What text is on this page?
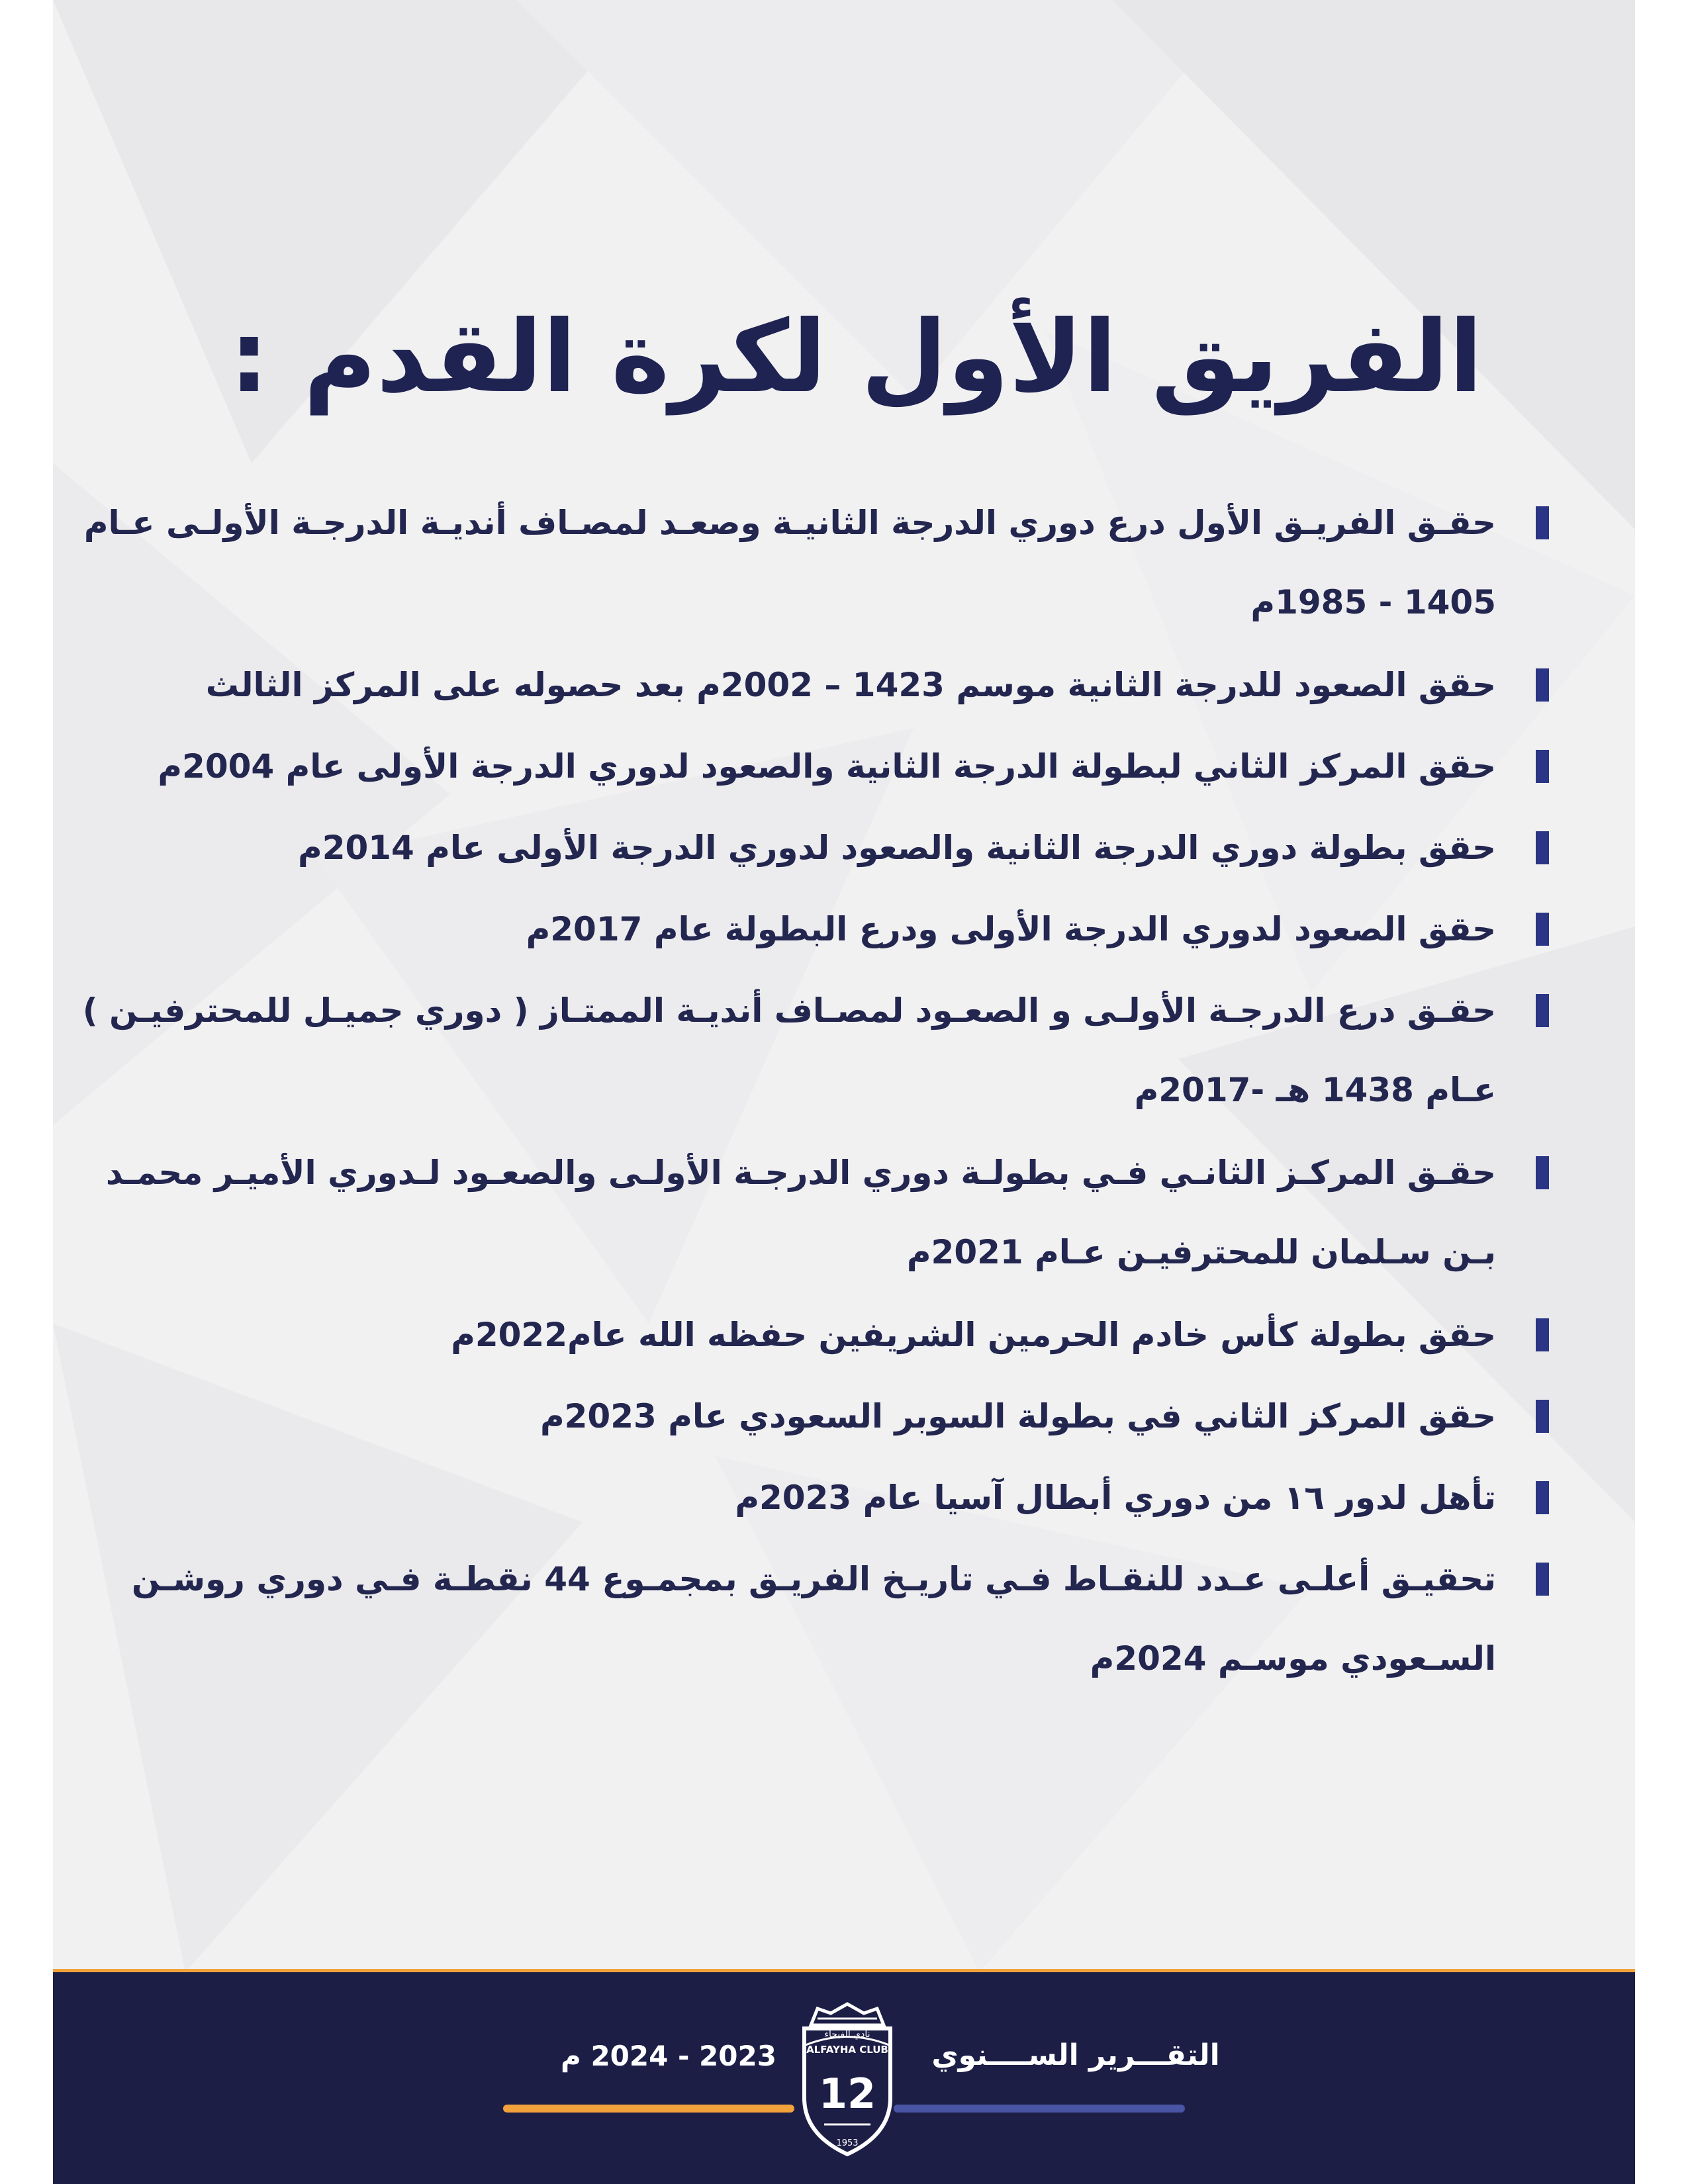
الفريق الأول لكرة القدم :
حقـق الفريـق الأول درع دوري الدرجة الثانيـة وصعـد لمصـاف أنديـة الدرجـة الأولـى عـام
1405 - 1985م
حقق الصعود للدرجة الثانية موسم 1423 – 2002م بعد حصوله على المركز الثالث
حقق المركز الثاني لبطولة الدرجة الثانية والصعود لدوري الدرجة الأولى عام 2004م
حقق بطولة دوري الدرجة الثانية والصعود لدوري الدرجة الأولى عام 2014م
حقق الصعود لدوري الدرجة الأولى ودرع البطولة عام 2017م
حقـق درع الدرجـة الأولـى و الصعـود لمصـاف أنديـة الممتـاز ( دوري جميـل للمحترفيـن )
عـام 1438 هـ -2017م
حقـق المركـز الثانـي فـي بطولـة دوري الدرجـة الأولـى والصعـود لـدوري الأميـر محمـد
بـن سـلمان للمحترفيـن عـام 2021م
حقق بطولة كأس خادم الحرمين الشريفين حفظه الله عام2022م
حقق المركز الثاني في بطولة السوبر السعودي عام 2023م
تأهل لدور ١٦ من دوري أبطال آسيا عام 2023م
تحقيـق أعلـى عـدد للنقـاط فـي تاريـخ الفريـق بمجمـوع 44 نقطـة فـي دوري روشـن
السـعودي موسـم 2024م
التقـــرير الســــنوي
2023 - 2024 م	ALFAYHA CLUB
نادي الفيحاء
12
1953
